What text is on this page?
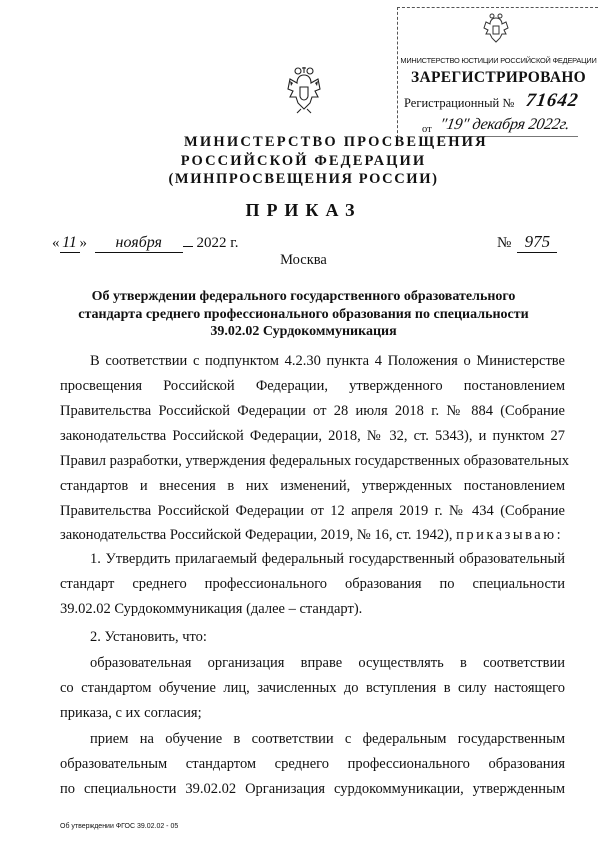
МИНИСТЕРСТВО ЮСТИЦИИ РОССИЙСКОЙ ФЕДЕРАЦИИ
ЗАРЕГИСТРИРОВАНО
Регистрационный № 71642
от "19" декабря 2022г.
МИНИСТЕРСТВО ПРОСВЕЩЕНИЯ
РОССИЙСКОЙ ФЕДЕРАЦИИ
(МИНПРОСВЕЩЕНИЯ РОССИИ)
ПРИКАЗ
« 11 » ноября 2022 г.	№ 975
Москва
Об утверждении федерального государственного образовательного стандарта среднего профессионального образования по специальности 39.02.02 Сурдокоммуникация
В соответствии с подпунктом 4.2.30 пункта 4 Положения о Министерстве
просвещения Российской Федерации, утвержденного постановлением
Правительства Российской Федерации от 28 июля 2018 г. № 884 (Собрание
законодательства Российской Федерации, 2018, № 32, ст. 5343), и пунктом 27
Правил разработки, утверждения федеральных государственных образовательных
стандартов и внесения в них изменений, утвержденных постановлением
Правительства Российской Федерации от 12 апреля 2019 г. № 434 (Собрание
законодательства Российской Федерации, 2019, № 16, ст. 1942), приказываю:
1. Утвердить прилагаемый федеральный государственный образовательный
стандарт среднего профессионального образования по специальности
39.02.02 Сурдокоммуникация (далее – стандарт).
2. Установить, что:
образовательная организация вправе осуществлять в соответствии
со стандартом обучение лиц, зачисленных до вступления в силу настоящего
приказа, с их согласия;
прием на обучение в соответствии с федеральным государственным
образовательным стандартом среднего профессионального образования
по специальности 39.02.02 Организация сурдокоммуникации, утвержденным
Об утверждении ФГОС 39.02.02 - 05
